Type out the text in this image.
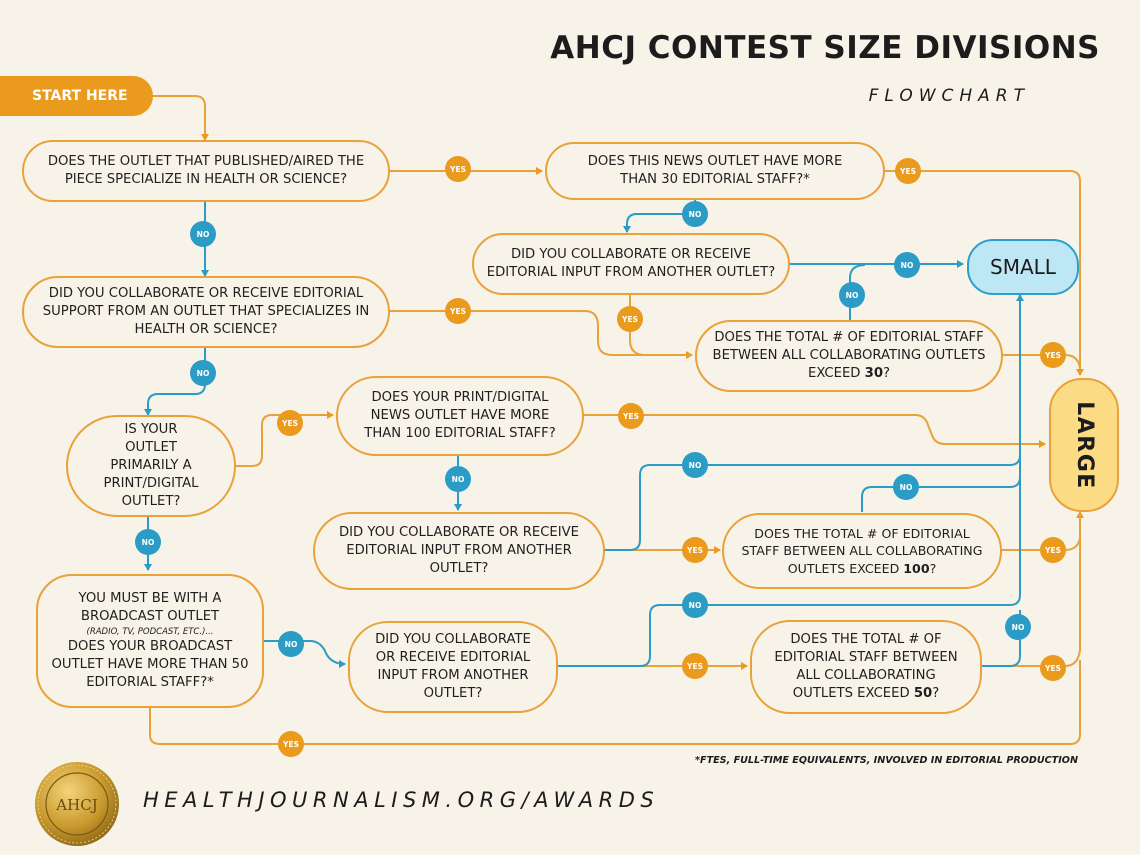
AHCJ CONTEST SIZE DIVISIONS
FLOWCHART
START HERE

DOES THE OUTLET THAT PUBLISHED/AIRED THE PIECE SPECIALIZE IN HEALTH OR SCIENCE?

DID YOU COLLABORATE OR RECEIVE EDITORIAL SUPPORT FROM AN OUTLET THAT SPECIALIZES IN HEALTH OR SCIENCE?

IS YOUR OUTLET PRIMARILY A PRINT/DIGITAL OUTLET?

YOU MUST BE WITH A BROADCAST OUTLET

(RADIO, TV, PODCAST, ETC.)...

DOES YOUR BROADCAST OUTLET HAVE MORE THAN 50 EDITORIAL STAFF?*

DOES THIS NEWS OUTLET HAVE MORE THAN 30 EDITORIAL STAFF?*

DID YOU COLLABORATE OR RECEIVE EDITORIAL INPUT FROM ANOTHER OUTLET?

DOES THE TOTAL # OF EDITORIAL STAFF BETWEEN ALL COLLABORATING OUTLETS EXCEED 30?

DOES YOUR PRINT/DIGITAL NEWS OUTLET HAVE MORE THAN 100 EDITORIAL STAFF?

DID YOU COLLABORATE OR RECEIVE EDITORIAL INPUT FROM ANOTHER OUTLET?

DOES THE TOTAL # OF EDITORIAL STAFF BETWEEN ALL COLLABORATING OUTLETS EXCEED 100?

DID YOU COLLABORATE OR RECEIVE EDITORIAL INPUT FROM ANOTHER OUTLET?

DOES THE TOTAL # OF EDITORIAL STAFF BETWEEN ALL COLLABORATING OUTLETS EXCEED 50?

SMALL
LARGE
YES	YES
YES
YES
YES
YES
YES
YES	YES
YES	YES
YES
NO
NO
NO
NO
NO
NO
NO
NO
NO
NO
NO
NO
*FTES, FULL-TIME EQUIVALENTS, INVOLVED IN EDITORIAL PRODUCTION
AHCJ HEALTHJOURNALISM.ORG/AWARDS
